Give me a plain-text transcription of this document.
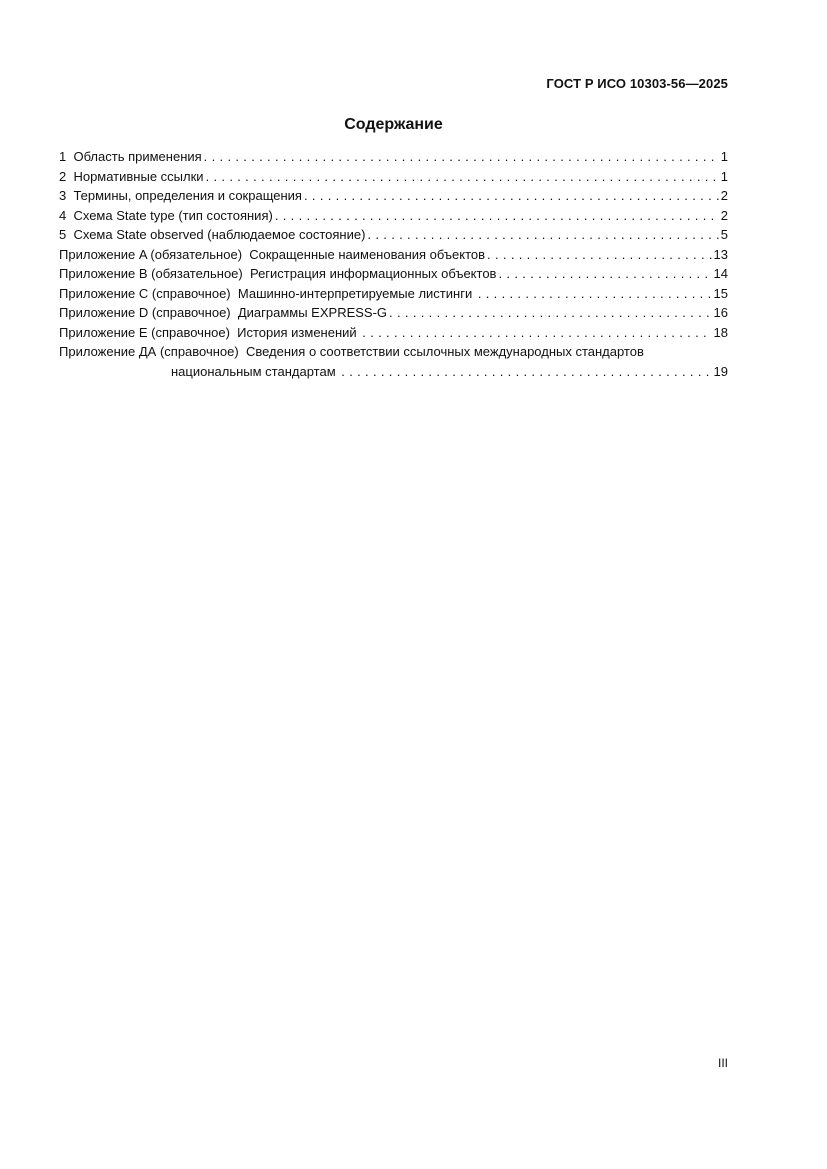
ГОСТ Р ИСО 10303-56—2025
Содержание
1  Область применения . . .	1
2  Нормативные ссылки . . .	1
3  Термины, определения и сокращения . . .	2
4  Схема State type (тип состояния) . . .	2
5  Схема State observed (наблюдаемое состояние) . . .	5
Приложение A (обязательное)  Сокращенные наименования объектов . . .	13
Приложение B (обязательное)  Регистрация информационных объектов . . .	14
Приложение C (справочное)  Машинно-интерпретируемые листинги . . .	15
Приложение D (справочное)  Диаграммы EXPRESS-G . . .	16
Приложение E (справочное)  История изменений . . .	18
Приложение ДА (справочное)  Сведения о соответствии ссылочных международных стандартов
национальным стандартам . . .	19
III
